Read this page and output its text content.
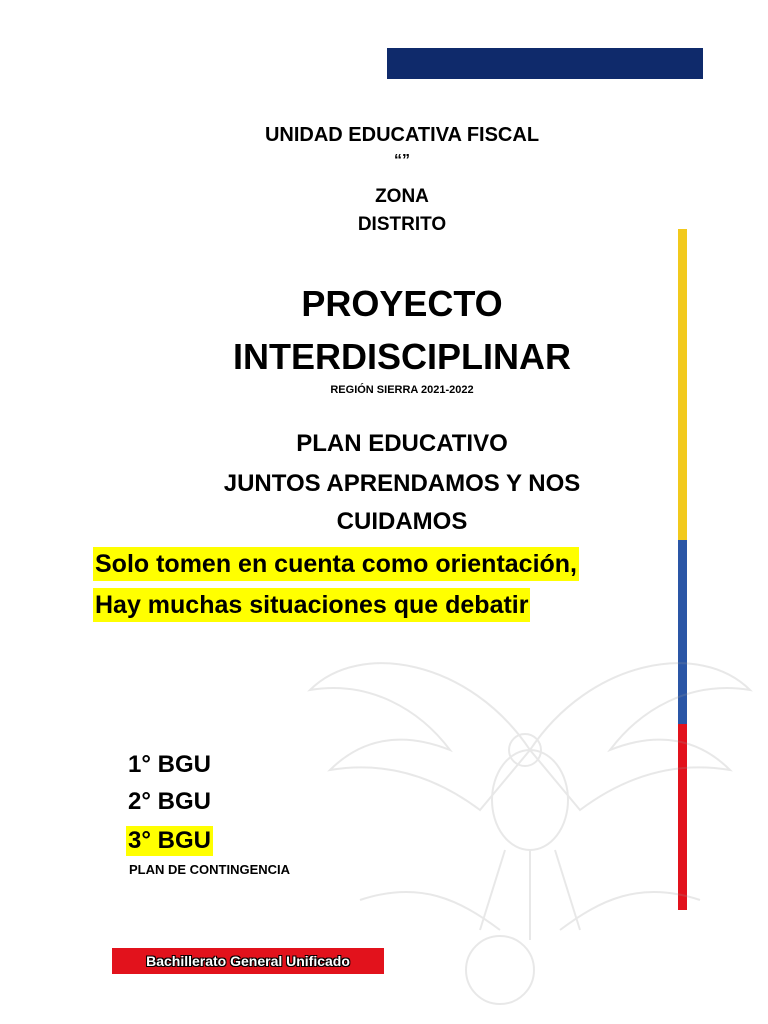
UNIDAD EDUCATIVA FISCAL
“”
ZONA
DISTRITO
PROYECTO
INTERDISCIPLINAR
REGIÓN SIERRA 2021-2022
PLAN EDUCATIVO
JUNTOS APRENDAMOS Y NOS
CUIDAMOS
Solo tomen en cuenta como orientación,
Hay muchas situaciones que debatir
1° BGU
2° BGU
3° BGU
PLAN DE CONTINGENCIA
Bachillerato General Unificado
